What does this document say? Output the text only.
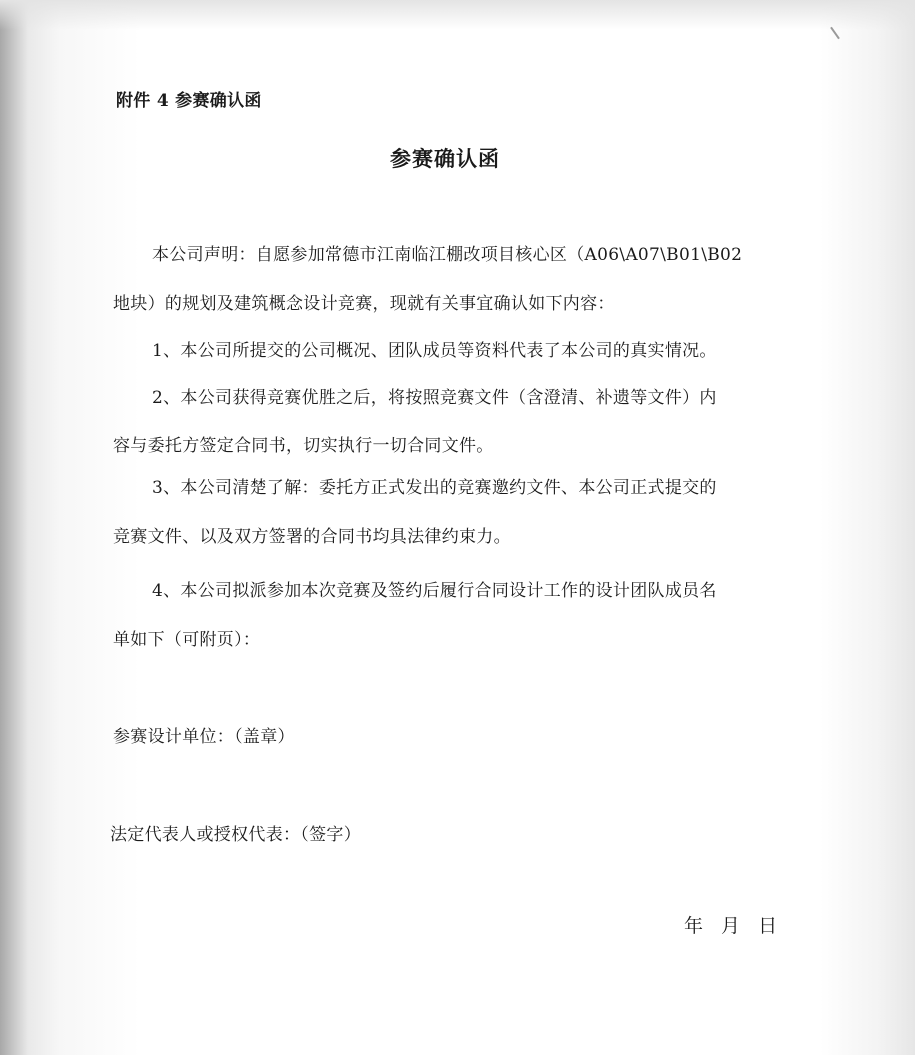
附件 4 参赛确认函
参赛确认函
本公司声明：自愿参加常德市江南临江棚改项目核心区（A06\A07\B01\B02
地块）的规划及建筑概念设计竞赛，现就有关事宜确认如下内容：
1、本公司所提交的公司概况、团队成员等资料代表了本公司的真实情况。
2、本公司获得竞赛优胜之后，将按照竞赛文件（含澄清、补遗等文件）内
容与委托方签定合同书，切实执行一切合同文件。
3、本公司清楚了解：委托方正式发出的竞赛邀约文件、本公司正式提交的
竞赛文件、以及双方签署的合同书均具法律约束力。
4、本公司拟派参加本次竞赛及签约后履行合同设计工作的设计团队成员名
单如下（可附页）：
参赛设计单位：（盖章）
法定代表人或授权代表：（签字）
年 月 日
